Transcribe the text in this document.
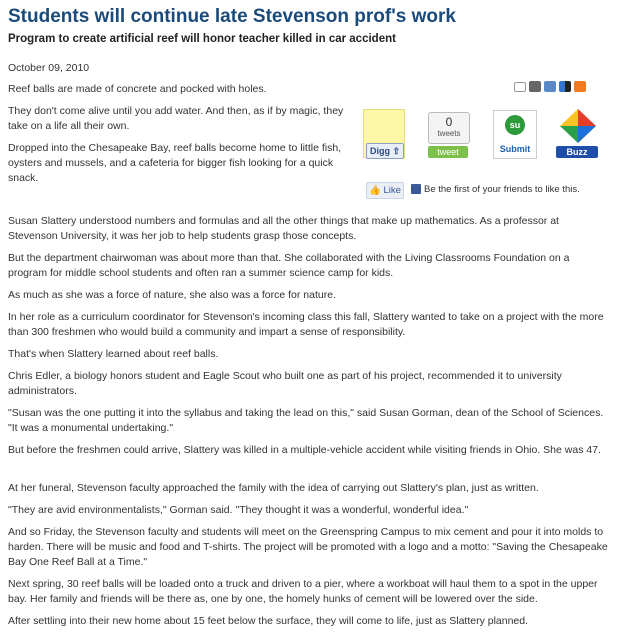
Students will continue late Stevenson prof's work
Program to create artificial reef will honor teacher killed in car accident
October 09, 2010
Digg ⇧
0
tweets
tweet
su
Submit	Buzz
👍 Like	Be the first of your friends to like this.

Reef balls are made of concrete and pocked with holes.

They don't come alive until you add water. And then, as if by magic, they take on a life all their own.

Dropped into the Chesapeake Bay, reef balls become home to little fish, oysters and mussels, and a cafeteria for bigger fish looking for a quick snack.

Susan Slattery understood numbers and formulas and all the other things that make up mathematics. As a professor at Stevenson University, it was her job to help students grasp those concepts.

But the department chairwoman was about more than that. She collaborated with the Living Classrooms Foundation on a program for middle school students and often ran a summer science camp for kids.

As much as she was a force of nature, she also was a force for nature.

In her role as a curriculum coordinator for Stevenson's incoming class this fall, Slattery wanted to take on a project with the more than 300 freshmen who would build a community and impart a sense of responsibility.

That's when Slattery learned about reef balls.

Chris Edler, a biology honors student and Eagle Scout who built one as part of his project, recommended it to university administrators.

"Susan was the one putting it into the syllabus and taking the lead on this," said Susan Gorman, dean of the School of Sciences. "It was a monumental undertaking."

But before the freshmen could arrive, Slattery was killed in a multiple-vehicle accident while visiting friends in Ohio. She was 47.

At her funeral, Stevenson faculty approached the family with the idea of carrying out Slattery's plan, just as written.

"They are avid environmentalists," Gorman said. "They thought it was a wonderful, wonderful idea."

And so Friday, the Stevenson faculty and students will meet on the Greenspring Campus to mix cement and pour it into molds to harden. There will be music and food and T-shirts. The project will be promoted with a logo and a motto: "Saving the Chesapeake Bay One Reef Ball at a Time."

Next spring, 30 reef balls will be loaded onto a truck and driven to a pier, where a workboat will haul them to a spot in the upper bay. Her family and friends will be there as, one by one, the homely hunks of cement will be lowered over the side.

After settling into their new home about 15 feet below the surface, they will come to life, just as Slattery planned.
